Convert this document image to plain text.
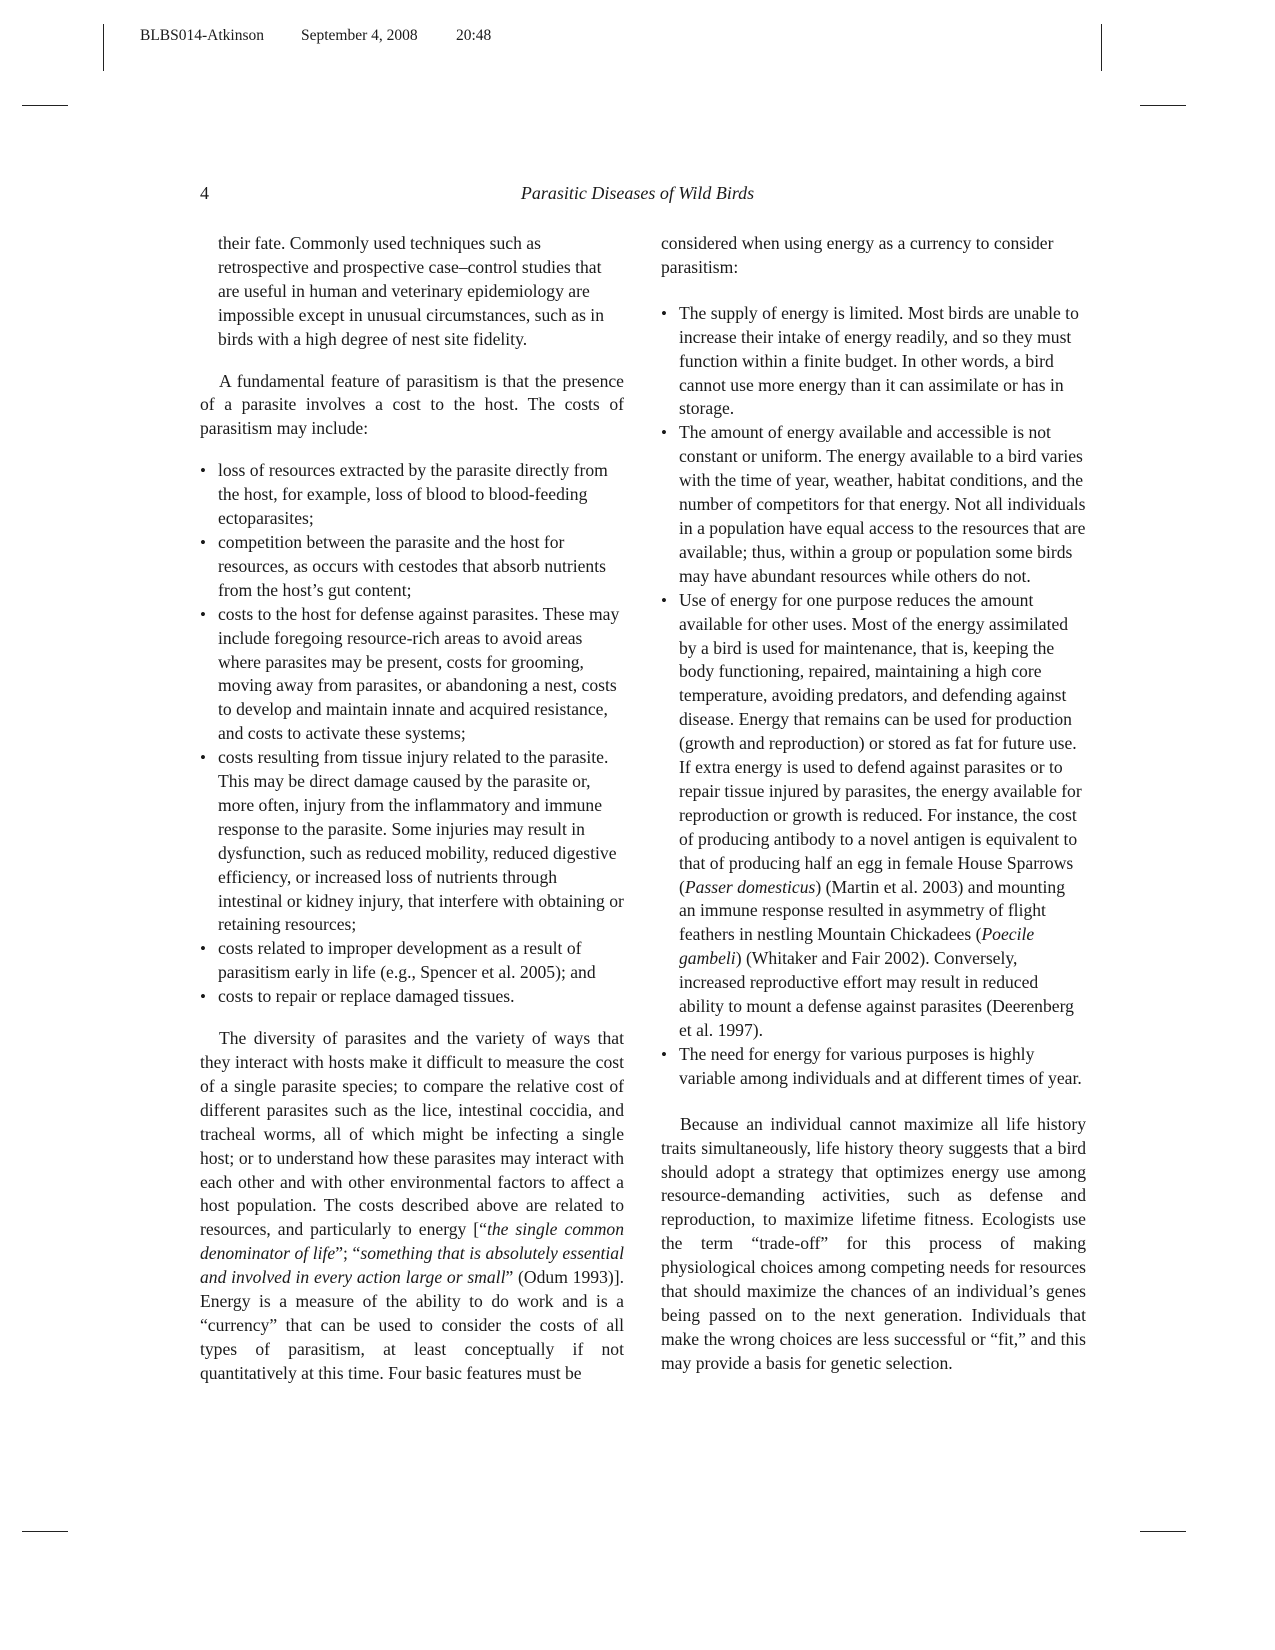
BLBS014-Atkinson September 4, 2008 20:48
4	Parasitic Diseases of Wild Birds

their fate. Commonly used techniques such as retrospective and prospective case–control studies that are useful in human and veterinary epidemiology are impossible except in unusual circumstances, such as in birds with a high degree of nest site fidelity.

A fundamental feature of parasitism is that the presence of a parasite involves a cost to the host. The costs of parasitism may include:

• loss of resources extracted by the parasite directly from the host, for example, loss of blood to blood-feeding ectoparasites;
• competition between the parasite and the host for resources, as occurs with cestodes that absorb nutrients from the host’s gut content;
• costs to the host for defense against parasites. These may include foregoing resource-rich areas to avoid areas where parasites may be present, costs for grooming, moving away from parasites, or abandoning a nest, costs to develop and maintain innate and acquired resistance, and costs to activate these systems;
• costs resulting from tissue injury related to the parasite. This may be direct damage caused by the parasite or, more often, injury from the inflammatory and immune response to the parasite. Some injuries may result in dysfunction, such as reduced mobility, reduced digestive efficiency, or increased loss of nutrients through intestinal or kidney injury, that interfere with obtaining or retaining resources;
• costs related to improper development as a result of parasitism early in life (e.g., Spencer et al. 2005); and
• costs to repair or replace damaged tissues.

The diversity of parasites and the variety of ways that they interact with hosts make it difficult to measure the cost of a single parasite species; to compare the relative cost of different parasites such as the lice, intestinal coccidia, and tracheal worms, all of which might be infecting a single host; or to understand how these parasites may interact with each other and with other environmental factors to affect a host population. The costs described above are related to resources, and particularly to energy [“the single common denominator of life”; “something that is absolutely essential and involved in every action large or small” (Odum 1993)]. Energy is a measure of the ability to do work and is a “currency” that can be used to consider the costs of all types of parasitism, at least conceptually if not quantitatively at this time. Four basic features must be

considered when using energy as a currency to consider parasitism:

• The supply of energy is limited. Most birds are unable to increase their intake of energy readily, and so they must function within a finite budget. In other words, a bird cannot use more energy than it can assimilate or has in storage.
• The amount of energy available and accessible is not constant or uniform. The energy available to a bird varies with the time of year, weather, habitat conditions, and the number of competitors for that energy. Not all individuals in a population have equal access to the resources that are available; thus, within a group or population some birds may have abundant resources while others do not.
• Use of energy for one purpose reduces the amount available for other uses. Most of the energy assimilated by a bird is used for maintenance, that is, keeping the body functioning, repaired, maintaining a high core temperature, avoiding predators, and defending against disease. Energy that remains can be used for production (growth and reproduction) or stored as fat for future use. If extra energy is used to defend against parasites or to repair tissue injured by parasites, the energy available for reproduction or growth is reduced. For instance, the cost of producing antibody to a novel antigen is equivalent to that of producing half an egg in female House Sparrows (Passer domesticus) (Martin et al. 2003) and mounting an immune response resulted in asymmetry of flight feathers in nestling Mountain Chickadees (Poecile gambeli) (Whitaker and Fair 2002). Conversely, increased reproductive effort may result in reduced ability to mount a defense against parasites (Deerenberg et al. 1997).
• The need for energy for various purposes is highly variable among individuals and at different times of year.

Because an individual cannot maximize all life history traits simultaneously, life history theory suggests that a bird should adopt a strategy that optimizes energy use among resource-demanding activities, such as defense and reproduction, to maximize lifetime fitness. Ecologists use the term “trade-off” for this process of making physiological choices among competing needs for resources that should maximize the chances of an individual’s genes being passed on to the next generation. Individuals that make the wrong choices are less successful or “fit,” and this may provide a basis for genetic selection.
